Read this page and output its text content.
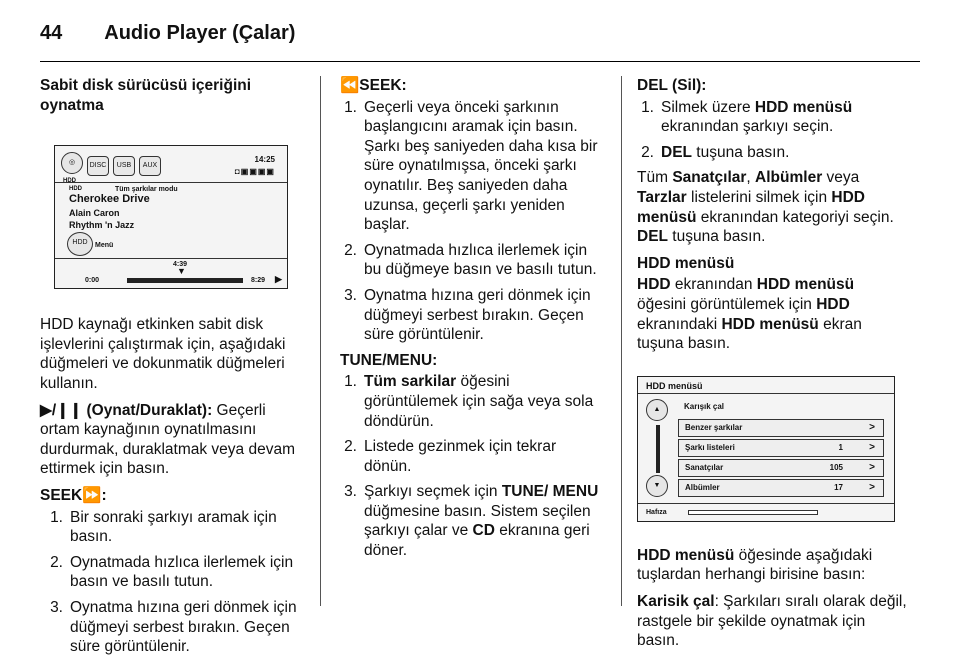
44 Audio Player (Çalar)
Sabit disk sürücüsü içeriğini oynatma
◎
HDD
DISC	USB	AUX
14:25
◘▣▣▣▣
HDD	Tüm şarkılar modu
Cherokee Drive
Alain Caron
Rhythm 'n Jazz
HDD	Menü
4:39
▼
0:00	8:29 ▶

HDD kaynağı etkinken sabit disk işlevlerini çalıştırmak için, aşağıdaki düğmeleri ve dokunmatik düğmeleri kullanın.

▶/❙❙ (Oynat/Duraklat): Geçerli ortam kaynağının oynatılmasını durdurmak, duraklatmak veya devam ettirmek için basın.

SEEK⏩:
1. Bir sonraki şarkıyı aramak için basın.
2. Oynatmada hızlıca ilerlemek için basın ve basılı tutun.
3. Oynatma hızına geri dönmek için düğmeyi serbest bırakın. Geçen süre görüntülenir.
⏪SEEK:
1. Geçerli veya önceki şarkının başlangıcını aramak için basın. Şarkı beş saniyeden daha kısa bir süre oynatılmışsa, önceki şarkı oynatılır. Beş saniyeden daha uzunsa, geçerli şarkı yeniden başlar.
2. Oynatmada hızlıca ilerlemek için bu düğmeye basın ve basılı tutun.
3. Oynatma hızına geri dönmek için düğmeyi serbest bırakın. Geçen süre görüntülenir.
TUNE/MENU:
1. Tüm sarkilar öğesini görüntülemek için sağa veya sola döndürün.
2. Listede gezinmek için tekrar dönün.
3. Şarkıyı seçmek için TUNE/ MENU düğmesine basın. Sistem seçilen şarkıyı çalar ve CD ekranına geri döner.
DEL (Sil):
1. Silmek üzere HDD menüsü ekranından şarkıyı seçin.
2. DEL tuşuna basın.

Tüm Sanatçılar, Albümler veya Tarzlar listelerini silmek için HDD menüsü ekranından kategoriyi seçin. DEL tuşuna basın.

HDD menüsü

HDD ekranından HDD menüsü öğesini görüntülemek için HDD ekranındaki HDD menüsü ekran tuşuna basın.

HDD menüsü
▲
▼
Karışık çal
Benzer şarkılar	>
Şarkı listeleri	1	>
Sanatçılar	105	>
Albümler	17	>
Hafıza

HDD menüsü öğesinde aşağıdaki tuşlardan herhangi birisine basın:

Karisik çal: Şarkıları sıralı olarak değil, rastgele bir şekilde oynatmak için basın.
